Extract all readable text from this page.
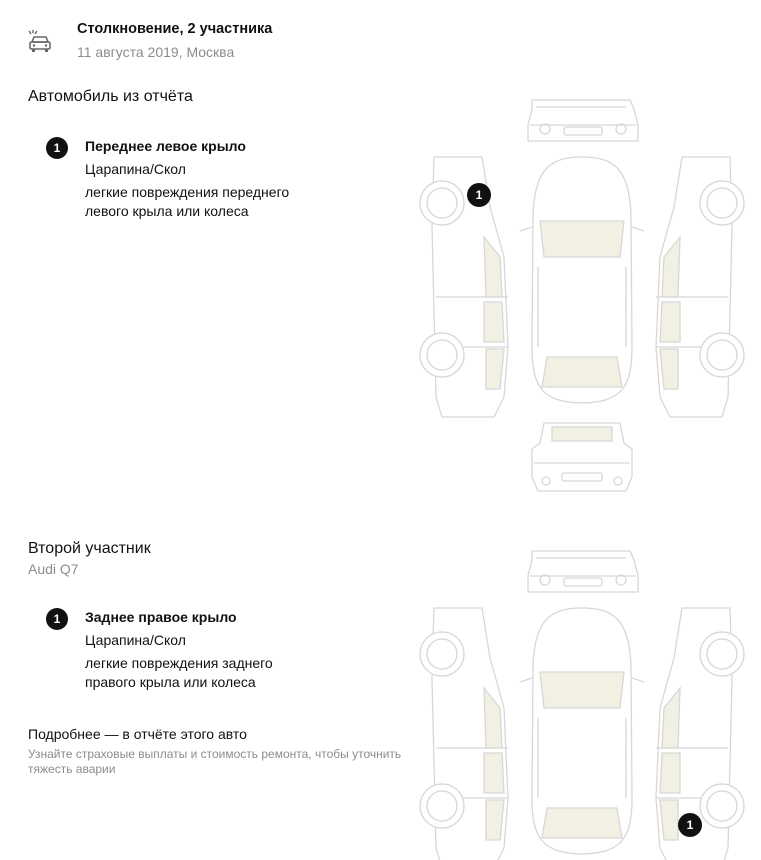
Столкновение, 2 участника
11 августа 2019, Москва
Автомобиль из отчёта
1	Переднее левое крыло
Царапина/Скол
легкие повреждения переднего левого крыла или колеса
1
Второй участник
Audi Q7
1	Заднее правое крыло
Царапина/Скол
легкие повреждения заднего правого крыла или колеса
Подробнее — в отчёте этого авто
Узнайте страховые выплаты и стоимость ремонта, чтобы уточнить тяжесть аварии
1
